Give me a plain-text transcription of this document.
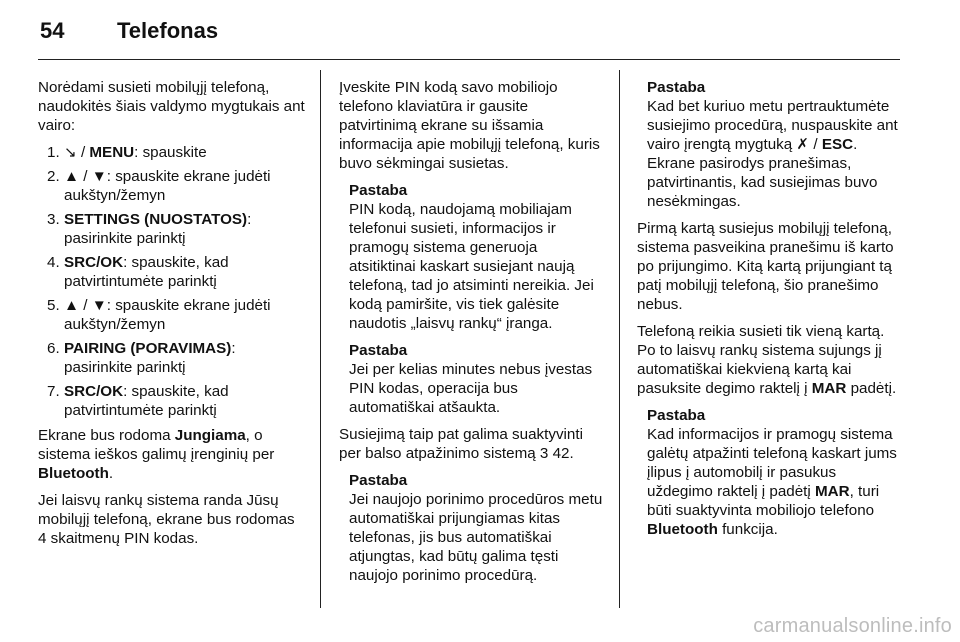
54 Telefonas

Norėdami susieti mobilųjį telefoną, naudokitės šiais valdymo mygtukais ant vairo:

1. ↘ / MENU: spauskite
2. ▲ / ▼: spauskite ekrane judėti aukštyn/žemyn
3. SETTINGS (NUOSTATOS): pasirinkite parinktį
4. SRC/OK: spauskite, kad patvirtintumėte parinktį
5. ▲ / ▼: spauskite ekrane judėti aukštyn/žemyn
6. PAIRING (PORAVIMAS): pasirinkite parinktį
7. SRC/OK: spauskite, kad patvirtintumėte parinktį

Ekrane bus rodoma Jungiama, o sistema ieškos galimų įrenginių per Bluetooth.

Jei laisvų rankų sistema randa Jūsų mobilųjį telefoną, ekrane bus rodomas 4 skaitmenų PIN kodas.

Įveskite PIN kodą savo mobiliojo telefono klaviatūra ir gausite patvirtinimą ekrane su išsamia informacija apie mobilųjį telefoną, kuris buvo sėkmingai susietas.

Pastaba
PIN kodą, naudojamą mobiliajam telefonui susieti, informacijos ir pramogų sistema generuoja atsitiktinai kaskart susiejant naują telefoną, tad jo atsiminti nereikia. Jei kodą pamiršite, vis tiek galėsite naudotis „laisvų rankų“ įranga.
Pastaba
Jei per kelias minutes nebus įvestas PIN kodas, operacija bus automatiškai atšaukta.

Susiejimą taip pat galima suaktyvinti per balso atpažinimo sistemą 3 42.

Pastaba
Jei naujojo porinimo procedūros metu automatiškai prijungiamas kitas telefonas, jis bus automatiškai atjungtas, kad būtų galima tęsti naujojo porinimo procedūrą.
Pastaba
Kad bet kuriuo metu pertrauktumėte susiejimo procedūrą, nuspauskite ant vairo įrengtą mygtuką ✗ / ESC. Ekrane pasirodys pranešimas, patvirtinantis, kad susiejimas buvo nesėkmingas.

Pirmą kartą susiejus mobilųjį telefoną, sistema pasveikina pranešimu iš karto po prijungimo. Kitą kartą prijungiant tą patį mobilųjį telefoną, šio pranešimo nebus.

Telefoną reikia susieti tik vieną kartą. Po to laisvų rankų sistema sujungs jį automatiškai kiekvieną kartą kai pasuksite degimo raktelį į MAR padėtį.

Pastaba
Kad informacijos ir pramogų sistema galėtų atpažinti telefoną kaskart jums įlipus į automobilį ir pasukus uždegimo raktelį į padėtį MAR, turi būti suaktyvinta mobiliojo telefono Bluetooth funkcija.
carmanualsonline.info
